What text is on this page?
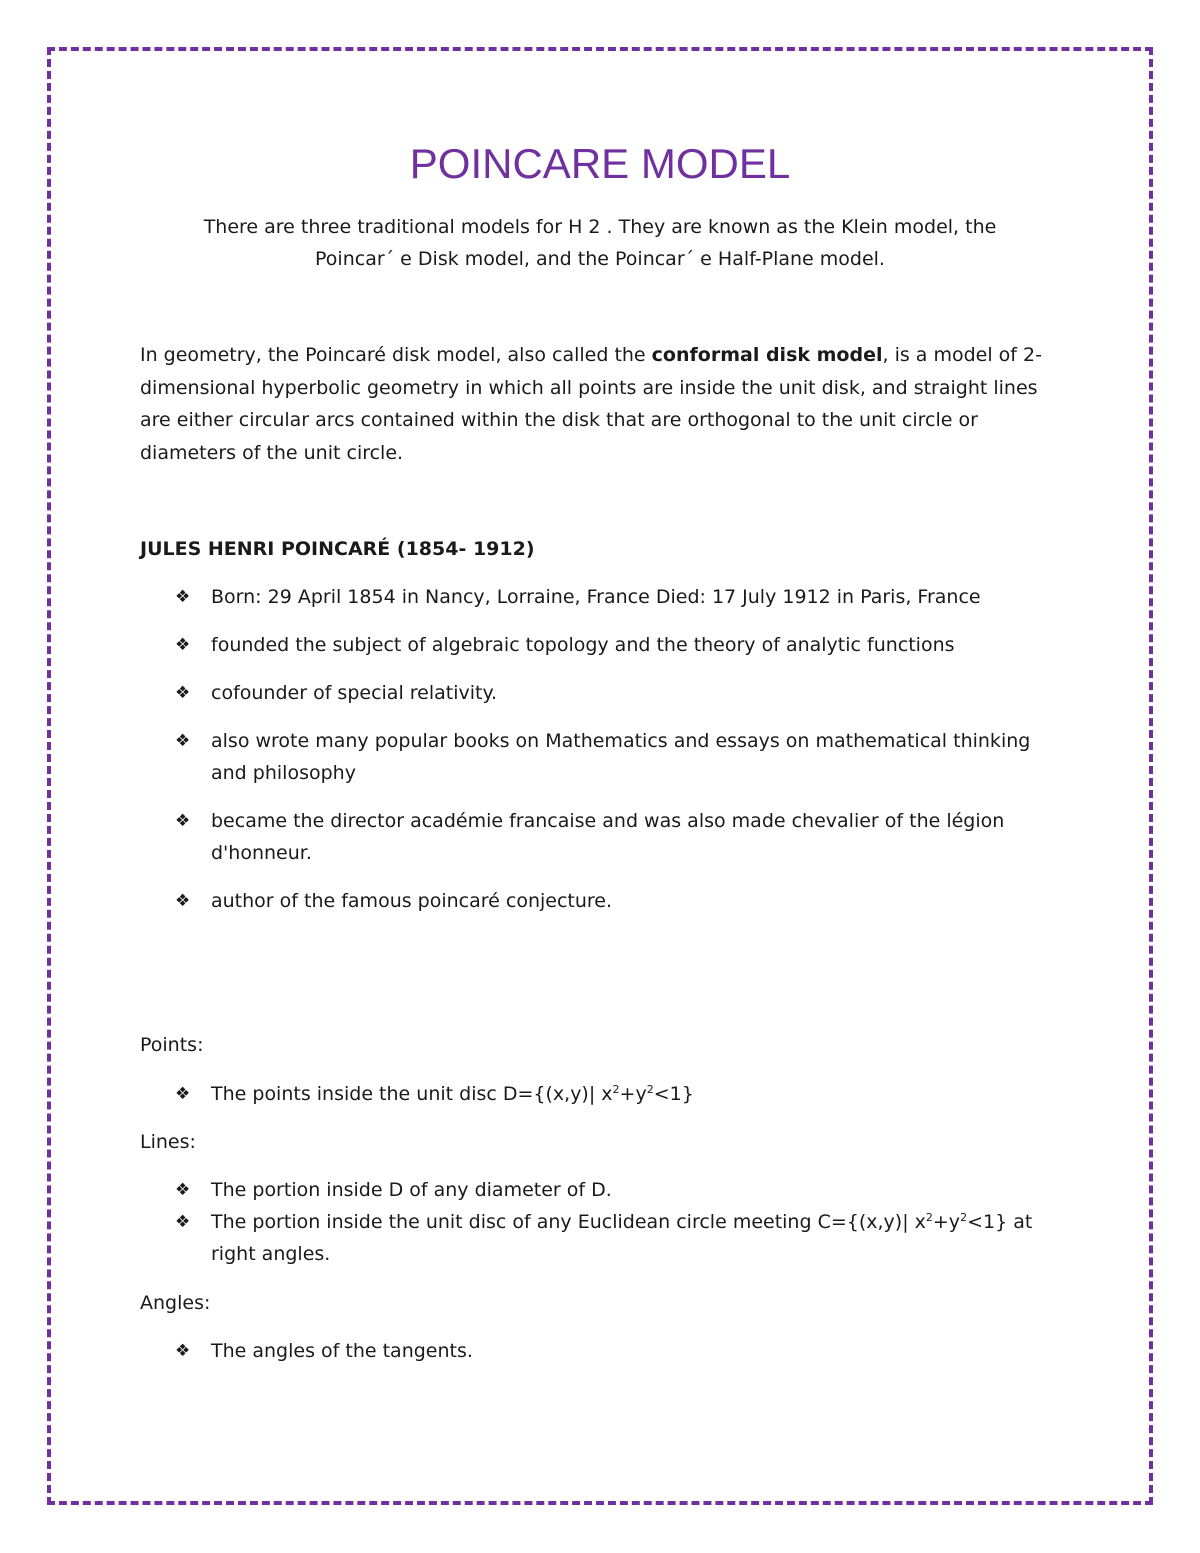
POINCARE MODEL
There are three traditional models for H 2 . They are known as the Klein model, the
Poincar´ e Disk model, and the Poincar´ e Half-Plane model.
In geometry, the Poincaré disk model, also called the conformal disk model, is a model of 2-dimensional hyperbolic geometry in which all points are inside the unit disk, and straight lines are either circular arcs contained within the disk that are orthogonal to the unit circle or diameters of the unit circle.
JULES HENRI POINCARÉ (1854- 1912)
❖	Born: 29 April 1854 in Nancy, Lorraine, France Died: 17 July 1912 in Paris, France
❖	founded the subject of algebraic topology and the theory of analytic functions
❖	cofounder of special relativity.
❖	also wrote many popular books on Mathematics and essays on mathematical thinking and philosophy
❖	became the director académie francaise and was also made chevalier of the légion d'honneur.
❖	author of the famous poincaré conjecture.
Points:
❖	The points inside the unit disc D={(x,y)| $x^2+y^2<1$}
Lines:
❖	The portion inside D of any diameter of D.
❖	The portion inside the unit disc of any Euclidean circle meeting C={(x,y)| $x^2+y^2<1$} at right angles.
Angles:
❖	The angles of the tangents.
